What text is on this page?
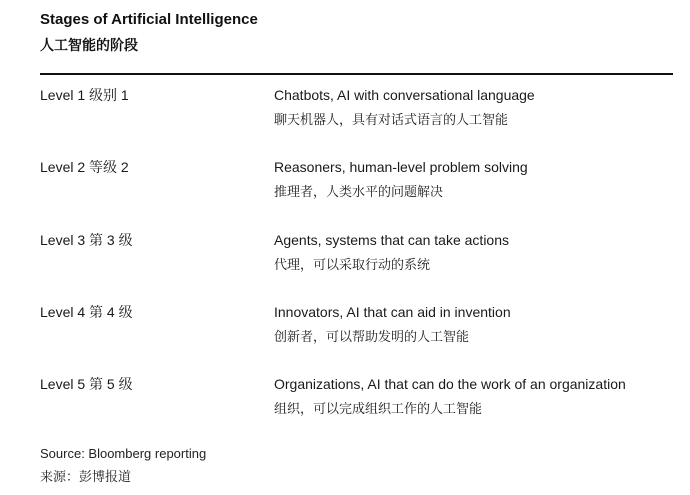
Stages of Artificial Intelligence
人工智能的阶段
Level 1 级别 1	Chatbots, AI with conversational language
聊天机器人，具有对话式语言的人工智能
Level 2 等级 2	Reasoners, human-level problem solving
推理者，人类水平的问题解决
Level 3 第 3 级	Agents, systems that can take actions
代理，可以采取行动的系统
Level 4 第 4 级	Innovators, AI that can aid in invention
创新者，可以帮助发明的人工智能
Level 5 第 5 级	Organizations, AI that can do the work of an organization
组织，可以完成组织工作的人工智能
Source: Bloomberg reporting
来源：彭博报道
